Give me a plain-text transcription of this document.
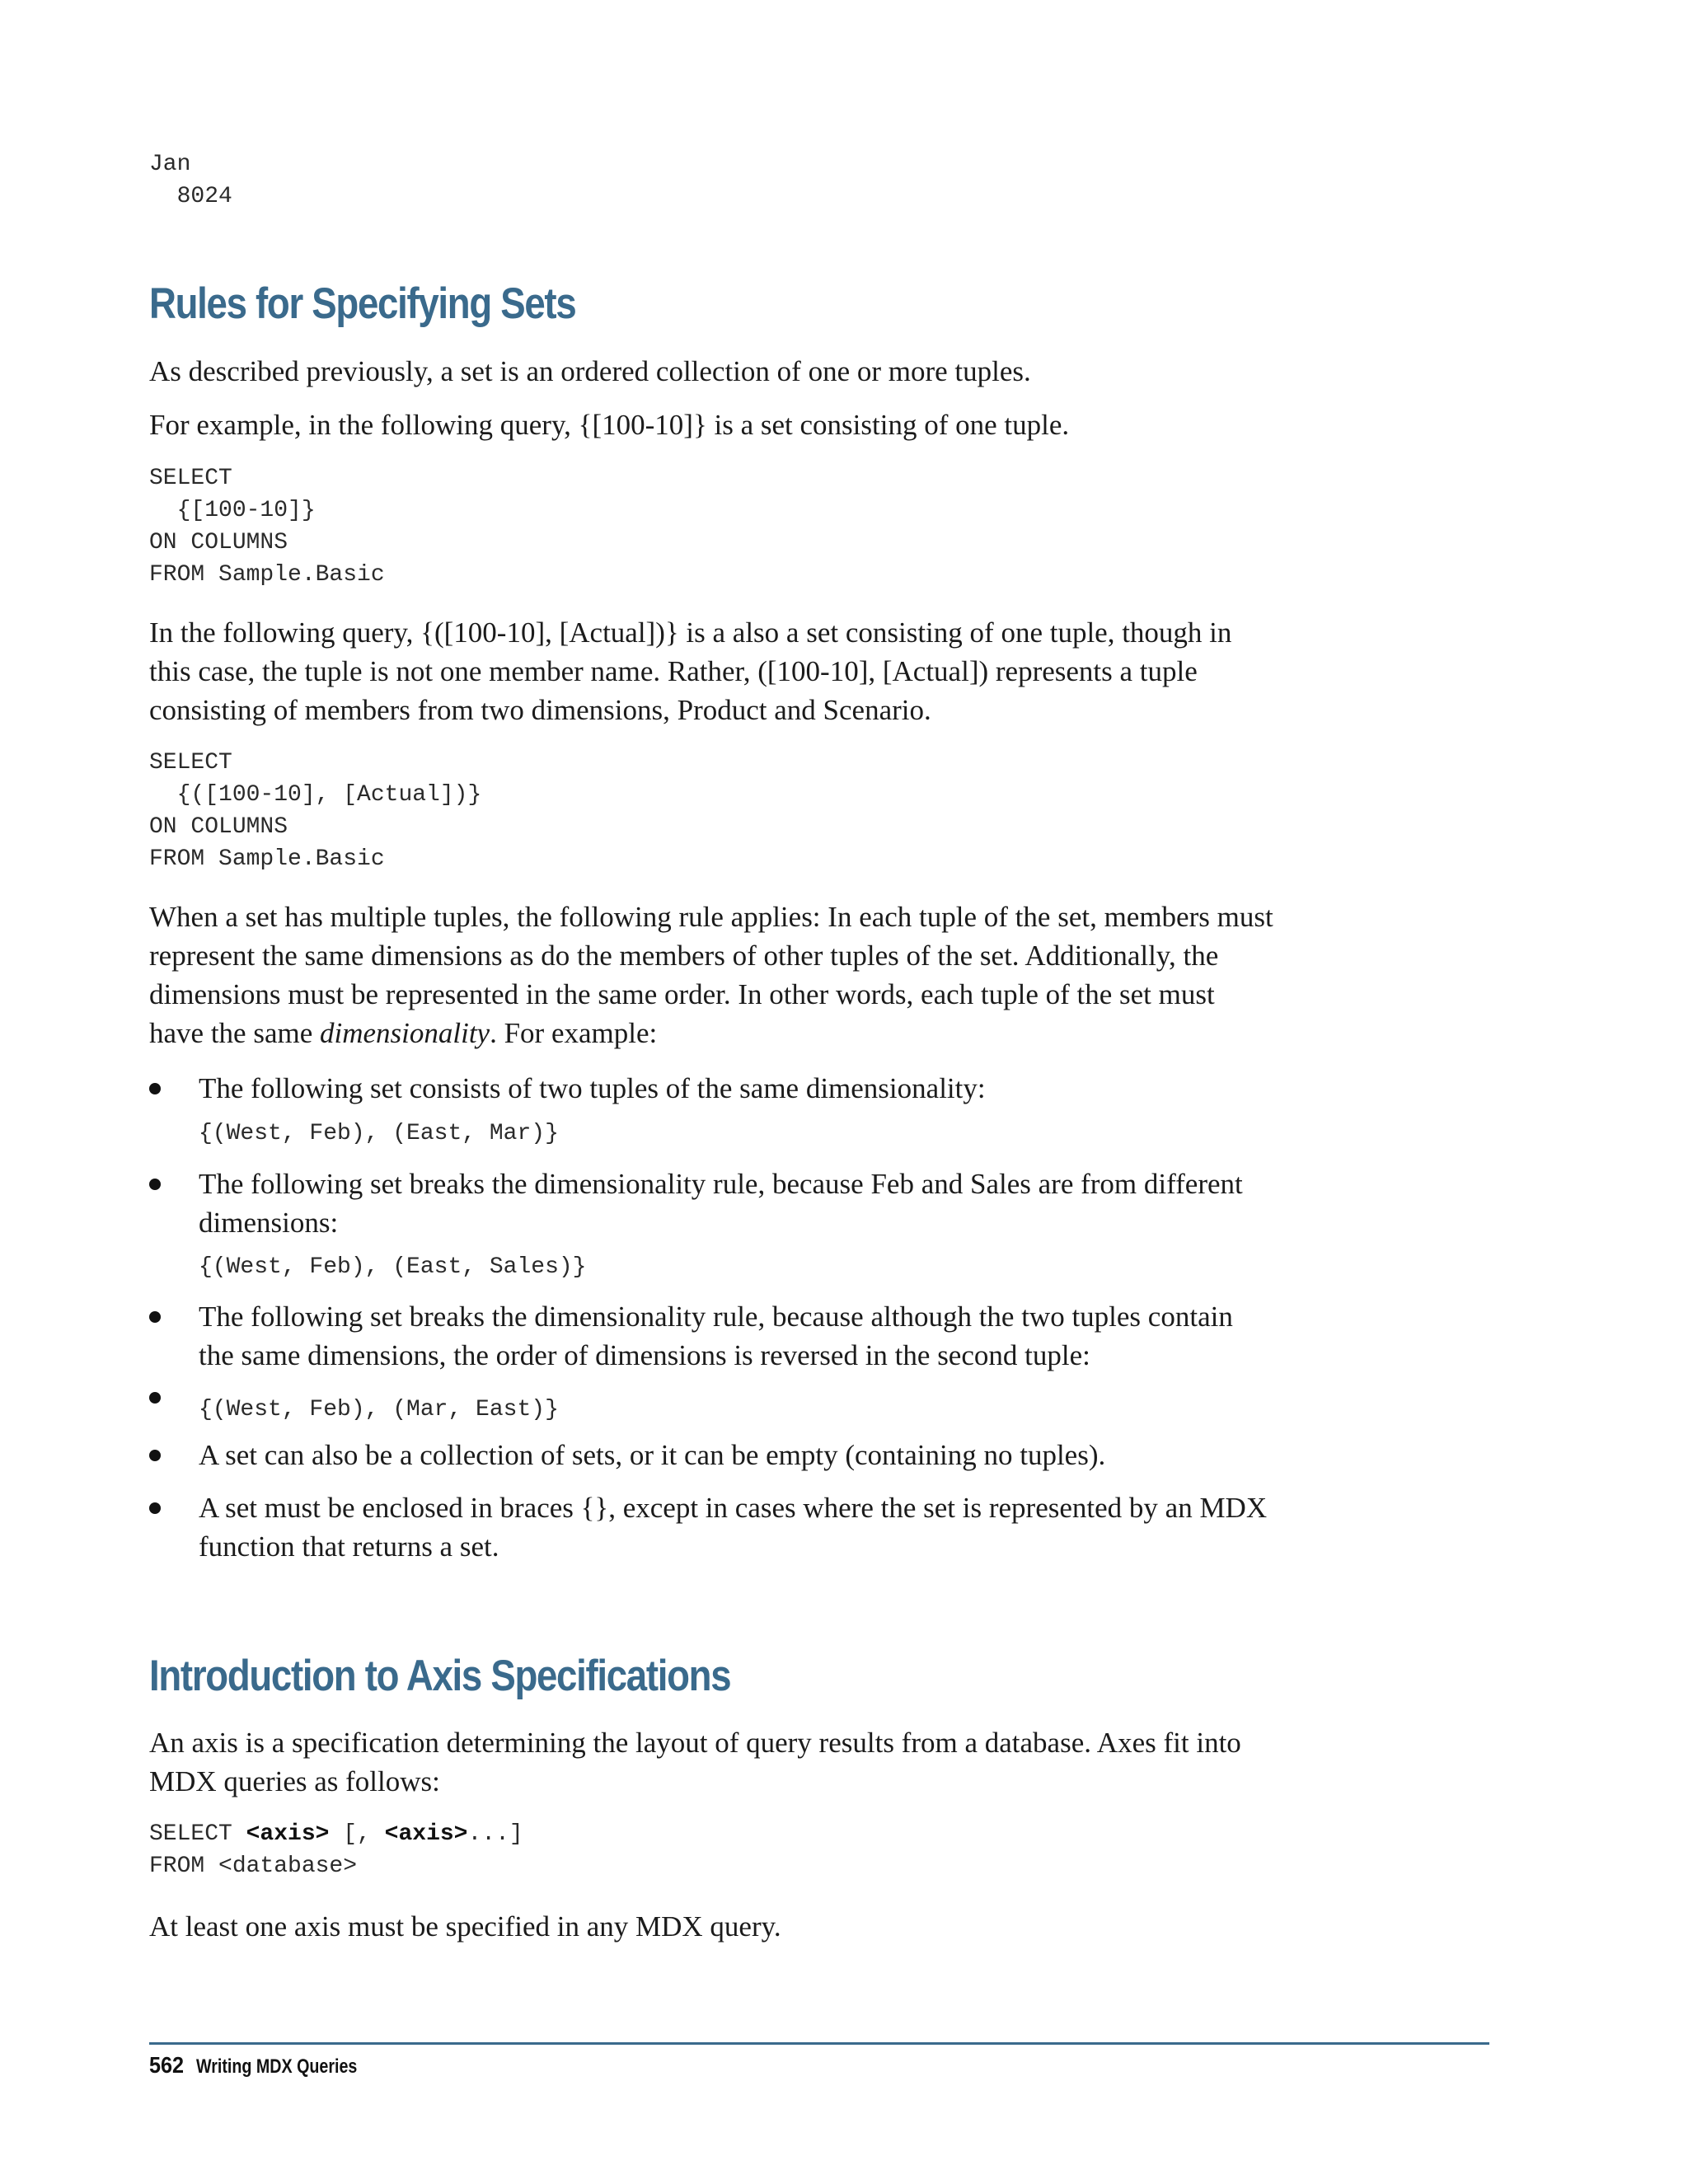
Jan
8024
Rules for Specifying Sets

As described previously, a set is an ordered collection of one or more tuples.

For example, in the following query, {[100-10]} is a set consisting of one tuple.

SELECT
{[100-10]}
ON COLUMNS
FROM Sample.Basic

In the following query, {([100-10], [Actual])} is a also a set consisting of one tuple, though in

this case, the tuple is not one member name. Rather, ([100-10], [Actual]) represents a tuple

consisting of members from two dimensions, Product and Scenario.

SELECT
{([100-10], [Actual])}
ON COLUMNS
FROM Sample.Basic

When a set has multiple tuples, the following rule applies: In each tuple of the set, members must

represent the same dimensions as do the members of other tuples of the set. Additionally, the

dimensions must be represented in the same order. In other words, each tuple of the set must

have the same dimensionality. For example:

The following set consists of two tuples of the same dimensionality:
{(West, Feb), (East, Mar)}
The following set breaks the dimensionality rule, because Feb and Sales are from different
dimensions:
{(West, Feb), (East, Sales)}
The following set breaks the dimensionality rule, because although the two tuples contain
the same dimensions, the order of dimensions is reversed in the second tuple:
{(West, Feb), (Mar, East)}
A set can also be a collection of sets, or it can be empty (containing no tuples).
A set must be enclosed in braces {}, except in cases where the set is represented by an MDX
function that returns a set.
Introduction to Axis Specifications

An axis is a specification determining the layout of query results from a database. Axes fit into

MDX queries as follows:

SELECT <axis> [, <axis>...]
FROM <database>

At least one axis must be specified in any MDX query.

562 Writing MDX Queries
